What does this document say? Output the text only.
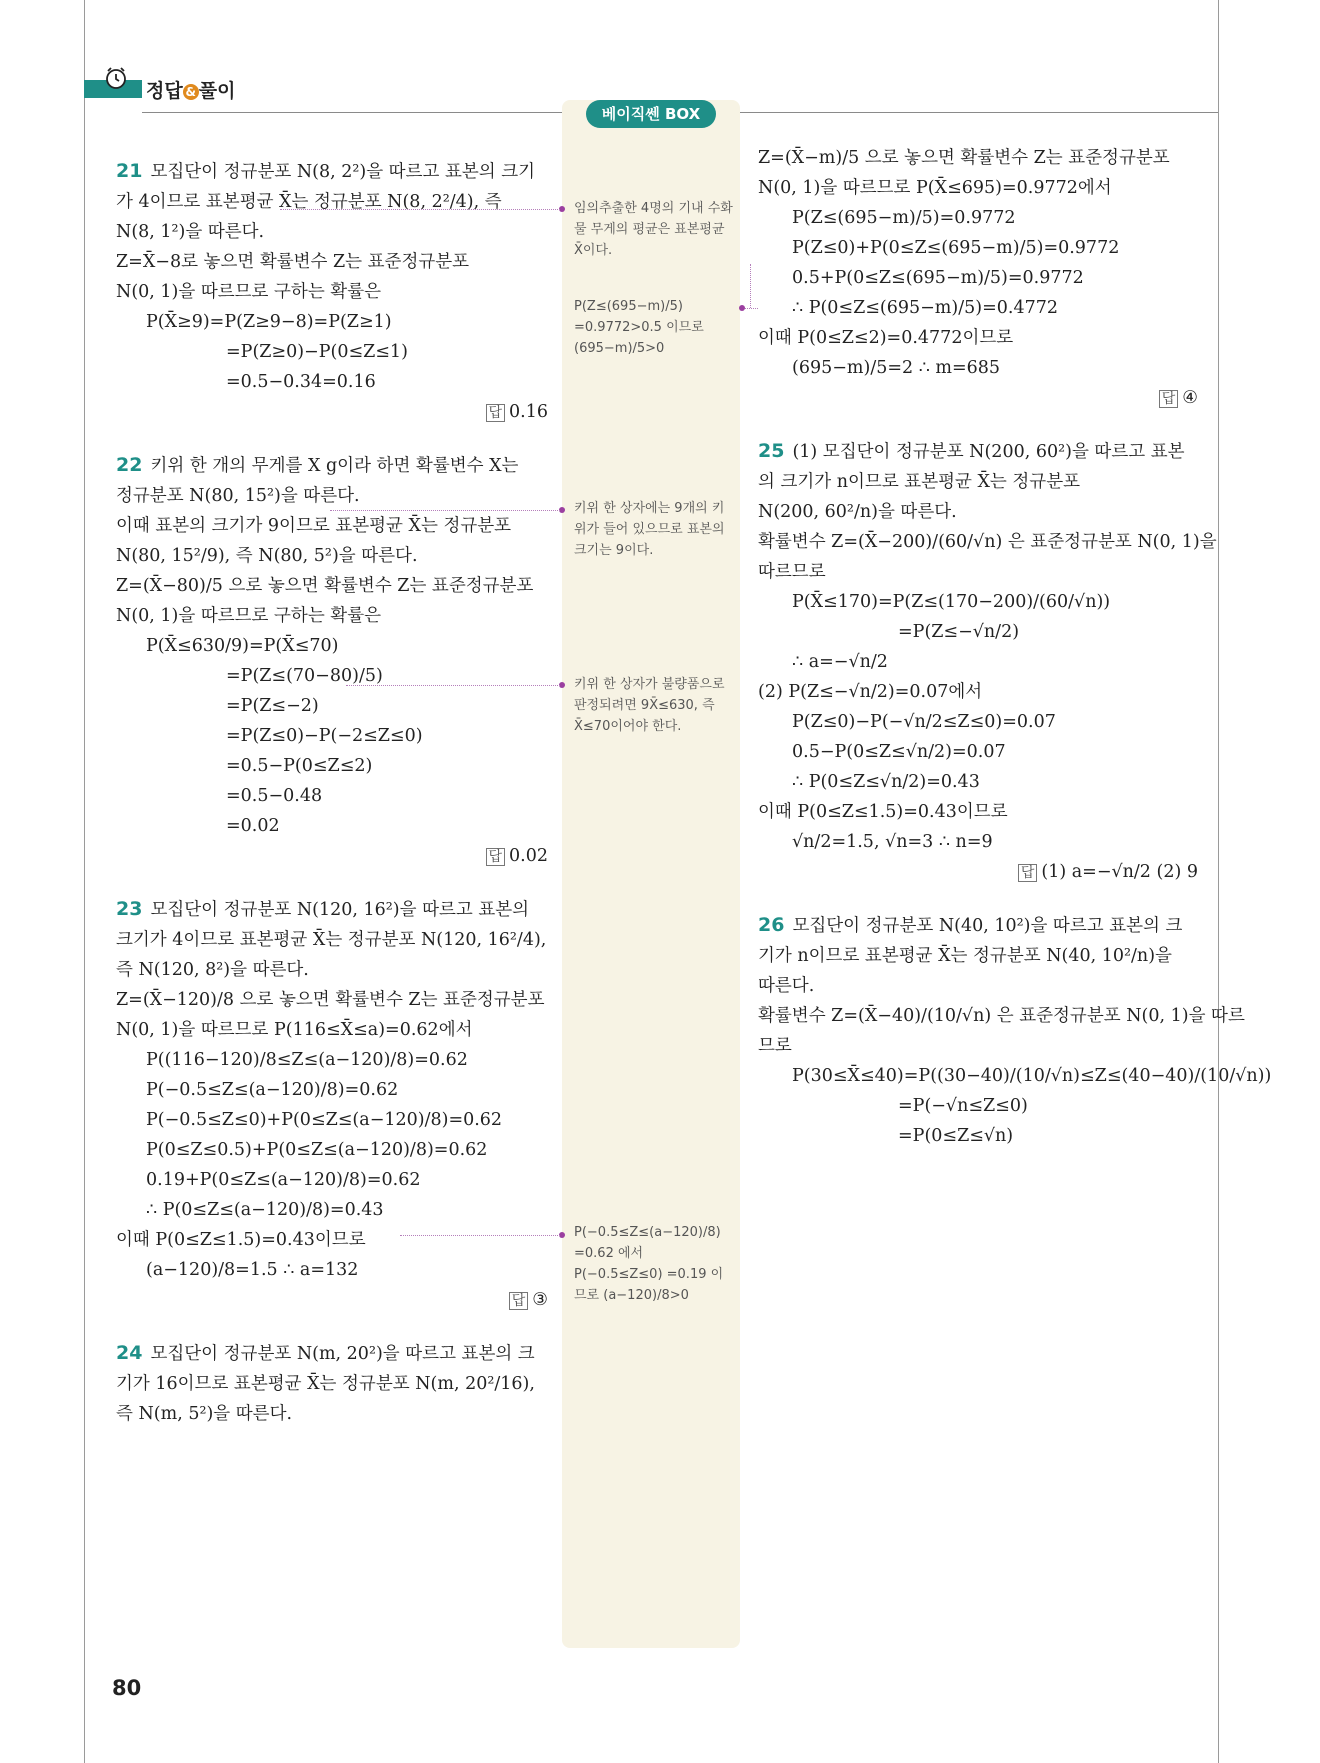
정답 & 풀이
베이직쎈 BOX
21 모집단이 정규분포 N(8, 2²)을 따르고 표본의 크기
가 4이므로 표본평균 X̄는 정규분포 N(8, 2²/4), 즉
N(8, 1²)을 따른다.
Z=X̄−8로 놓으면 확률변수 Z는 표준정규분포
N(0, 1)을 따르므로 구하는 확률은
P(X̄≥9)=P(Z≥9−8)=P(Z≥1)
=P(Z≥0)−P(0≤Z≤1)
=0.5−0.34=0.16
답 0.16
22 키위 한 개의 무게를 X g이라 하면 확률변수 X는
정규분포 N(80, 15²)을 따른다.
이때 표본의 크기가 9이므로 표본평균 X̄는 정규분포
N(80, 15²/9), 즉 N(80, 5²)을 따른다.
Z=(X̄−80)/5 으로 놓으면 확률변수 Z는 표준정규분포
N(0, 1)을 따르므로 구하는 확률은
P(X̄≤630/9)=P(X̄≤70)
=P(Z≤(70−80)/5)
=P(Z≤−2)
=P(Z≤0)−P(−2≤Z≤0)
=0.5−P(0≤Z≤2)
=0.5−0.48
=0.02
답 0.02
23 모집단이 정규분포 N(120, 16²)을 따르고 표본의
크기가 4이므로 표본평균 X̄는 정규분포 N(120, 16²/4),
즉 N(120, 8²)을 따른다.
Z=(X̄−120)/8 으로 놓으면 확률변수 Z는 표준정규분포
N(0, 1)을 따르므로 P(116≤X̄≤a)=0.62에서
P((116−120)/8≤Z≤(a−120)/8)=0.62
P(−0.5≤Z≤(a−120)/8)=0.62
P(−0.5≤Z≤0)+P(0≤Z≤(a−120)/8)=0.62
P(0≤Z≤0.5)+P(0≤Z≤(a−120)/8)=0.62
0.19+P(0≤Z≤(a−120)/8)=0.62
∴ P(0≤Z≤(a−120)/8)=0.43
이때 P(0≤Z≤1.5)=0.43이므로
(a−120)/8=1.5 ∴ a=132
답 ③
24 모집단이 정규분포 N(m, 20²)을 따르고 표본의 크
기가 16이므로 표본평균 X̄는 정규분포 N(m, 20²/16),
즉 N(m, 5²)을 따른다.
Z=(X̄−m)/5 으로 놓으면 확률변수 Z는 표준정규분포
N(0, 1)을 따르므로 P(X̄≤695)=0.9772에서
P(Z≤(695−m)/5)=0.9772
P(Z≤0)+P(0≤Z≤(695−m)/5)=0.9772
0.5+P(0≤Z≤(695−m)/5)=0.9772
∴ P(0≤Z≤(695−m)/5)=0.4772
이때 P(0≤Z≤2)=0.4772이므로
(695−m)/5=2 ∴ m=685
답 ④
25 (1) 모집단이 정규분포 N(200, 60²)을 따르고 표본
의 크기가 n이므로 표본평균 X̄는 정규분포
N(200, 60²/n)을 따른다.
확률변수 Z=(X̄−200)/(60/√n) 은 표준정규분포 N(0, 1)을
따르므로
P(X̄≤170)=P(Z≤(170−200)/(60/√n))
=P(Z≤−√n/2)
∴ a=−√n/2
(2) P(Z≤−√n/2)=0.07에서
P(Z≤0)−P(−√n/2≤Z≤0)=0.07
0.5−P(0≤Z≤√n/2)=0.07
∴ P(0≤Z≤√n/2)=0.43
이때 P(0≤Z≤1.5)=0.43이므로
√n/2=1.5, √n=3 ∴ n=9
답 (1) a=−√n/2 (2) 9
26 모집단이 정규분포 N(40, 10²)을 따르고 표본의 크
기가 n이므로 표본평균 X̄는 정규분포 N(40, 10²/n)을
따른다.
확률변수 Z=(X̄−40)/(10/√n) 은 표준정규분포 N(0, 1)을 따르
므로
P(30≤X̄≤40)=P((30−40)/(10/√n)≤Z≤(40−40)/(10/√n))
=P(−√n≤Z≤0)
=P(0≤Z≤√n)
임의추출한 4명의 기내 수화물 무게의 평균은 표본평균 X̄이다.
P(Z≤(695−m)/5) =0.9772>0.5 이므로 (695−m)/5>0
키위 한 상자에는 9개의 키위가 들어 있으므로 표본의 크기는 9이다.
키위 한 상자가 불량품으로 판정되려면 9X̄≤630, 즉 X̄≤70이어야 한다.
P(−0.5≤Z≤(a−120)/8) =0.62 에서 P(−0.5≤Z≤0) =0.19 이므로 (a−120)/8>0
80
